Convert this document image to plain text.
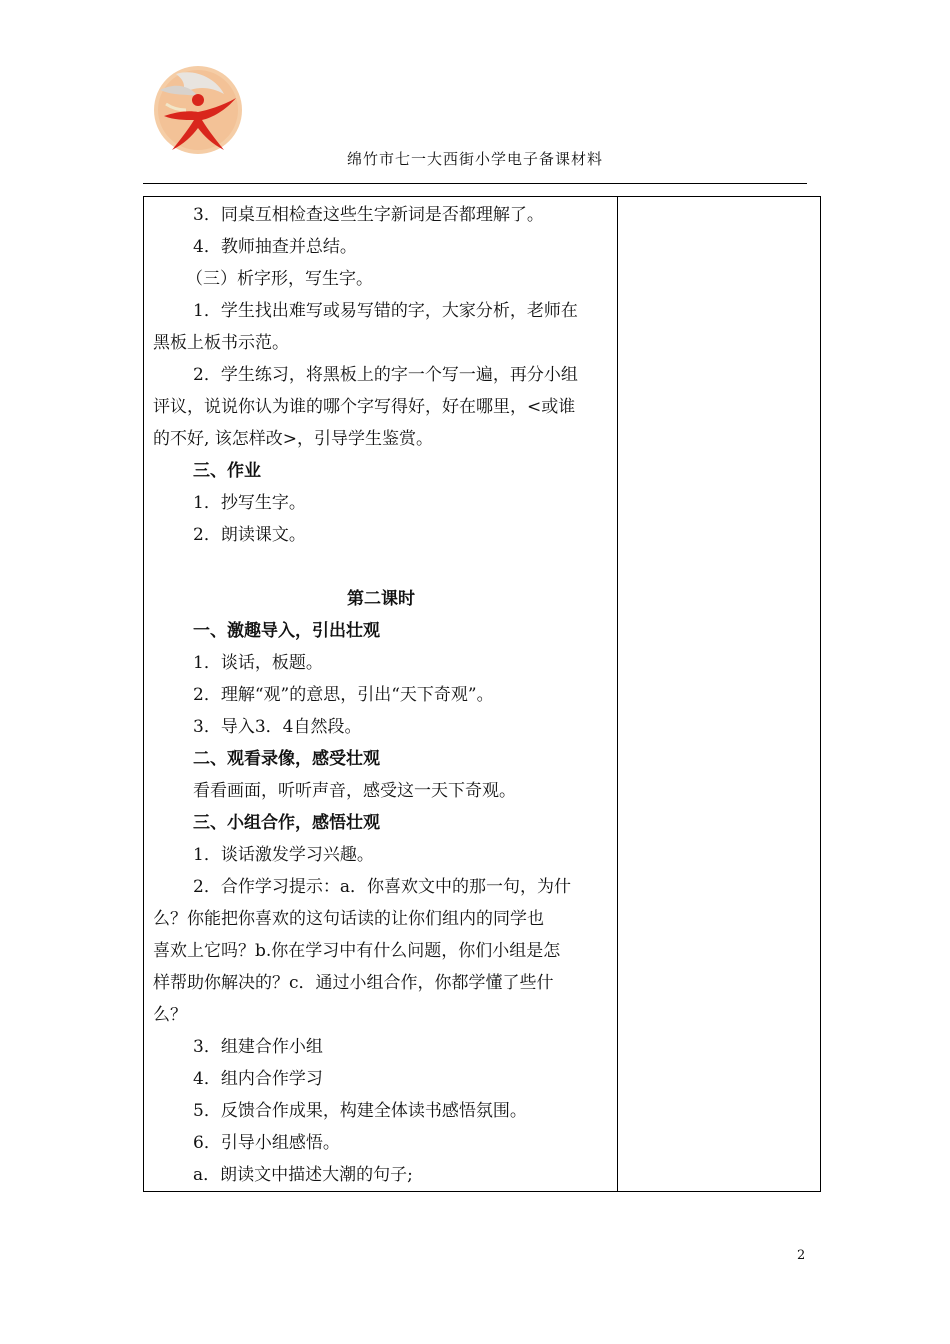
绵竹市七一大西街小学电子备课材料
3．同桌互相检查这些生字新词是否都理解了。
4．教师抽查并总结。
（三）析字形，写生字。
1．学生找出难写或易写错的字，大家分析，老师在
黑板上板书示范。
2．学生练习，将黑板上的字一个写一遍，再分小组
评议，说说你认为谁的哪个字写得好，好在哪里，<或谁
的不好, 该怎样改>，引导学生鉴赏。
三、作业
1．抄写生字。
2．朗读课文。
第二课时
一、激趣导入，引出壮观
1．谈话，板题。
2．理解“观”的意思，引出“天下奇观”。
3．导入3．4自然段。
二、观看录像，感受壮观
看看画面，听听声音，感受这一天下奇观。
三、小组合作，感悟壮观
1．谈话激发学习兴趣。
2．合作学习提示：a．你喜欢文中的那一句，为什
么？你能把你喜欢的这句话读的让你们组内的同学也
喜欢上它吗？b.你在学习中有什么问题，你们小组是怎
样帮助你解决的？c．通过小组合作，你都学懂了些什
么？
3．组建合作小组
4．组内合作学习
5．反馈合作成果，构建全体读书感悟氛围。
6．引导小组感悟。
a．朗读文中描述大潮的句子;

2
